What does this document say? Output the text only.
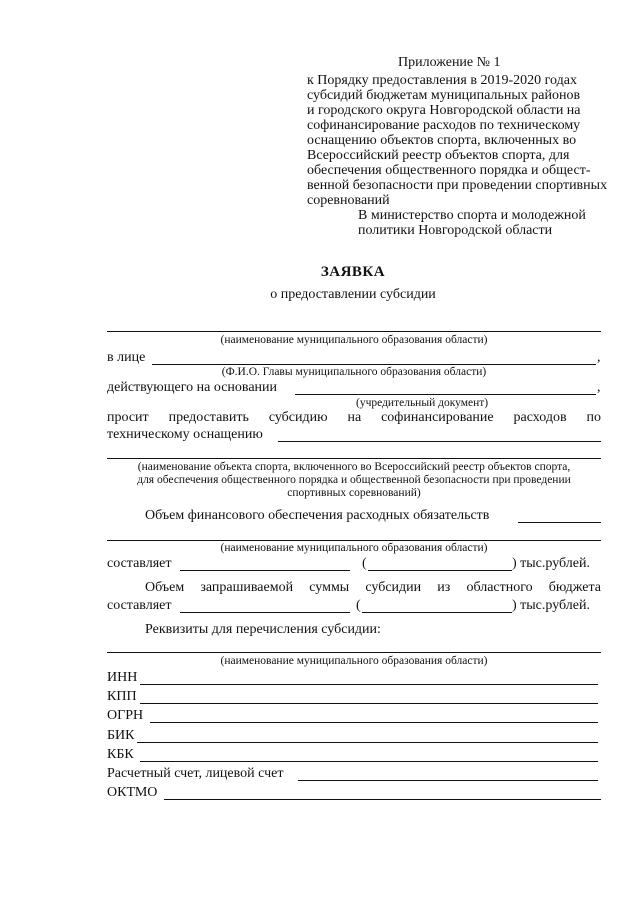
Приложение № 1
к Порядку предоставления в 2019-2020 годах
субсидий бюджетам муниципальных районов
и городского округа Новгородской области на
софинансирование расходов по техническому
оснащению объектов спорта, включенных во
Всероссийский реестр объектов спорта, для
обеспечения общественного порядка и общест-
венной безопасности при проведении спортивных
соревнований
В министерство спорта и молодежной
политики Новгородской области
ЗАЯВКА
о предоставлении субсидии
(наименование муниципального образования области)
в лице	,
(Ф.И.О. Главы муниципального образования области)
действующего на основании	,
(учредительный документ)
просит предоставить субсидию на софинансирование расходов по
техническому оснащению
(наименование объекта спорта, включенного во Всероссийский реестр объектов спорта,
для обеспечения общественного порядка и общественной безопасности при проведении
спортивных соревнований)
Объем финансового обеспечения расходных обязательств
(наименование муниципального образования области)
составляет	(	) тыс.рублей.
Объем запрашиваемой суммы субсидии из областного бюджета
составляет	(	) тыс.рублей.
Реквизиты для перечисления субсидии:
(наименование муниципального образования области)
ИНН
КПП
ОГРН
БИК
КБК
Расчетный счет, лицевой счет
ОКТМО
